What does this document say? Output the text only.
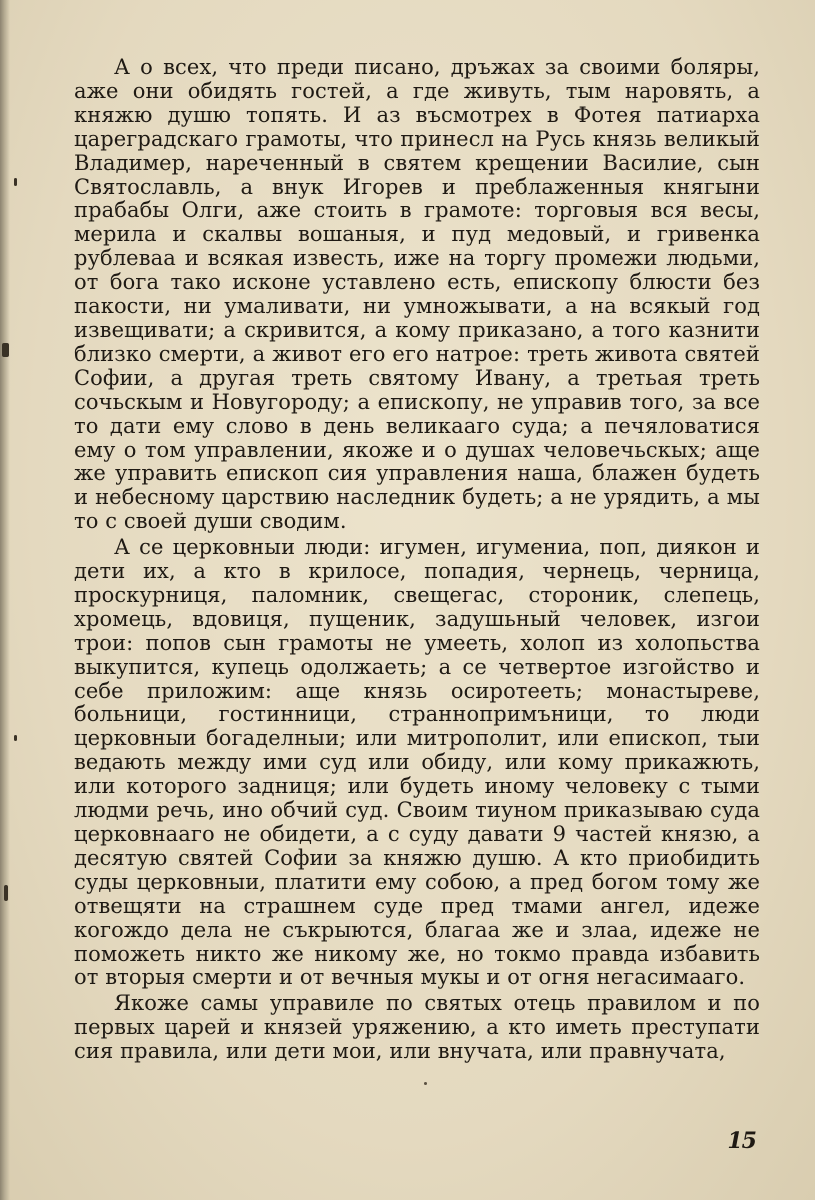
А о всех, что преди писано, дръжах за своими боляры, аже они обидять гостей, а где живуть, тым наровять, а княжю душю топять. И аз въсмотрех в Фотея патиарха цареградскаго грамоты, что принесл на Русь князь великый Владимер, нареченный в святем крещении Василие, сын Святославль, а внук Игорев и преблаженныя княгыни прабабы Олги, аже стоить в грамоте: торговыя вся весы, мерила и скалвы вошаныя, и пуд медовый, и гривенка рублеваа и всякая известь, иже на торгу промежи людьми, от бога тако исконе уставлено есть, епископу блюсти без пакости, ни умаливати, ни умножывати, а на всякый год извещивати; а скривится, а кому приказано, а того казнити близко смерти, а живот его его натрое: треть живота святей Софии, а другая треть святому Ивану, а третьая треть сочьскым и Новугороду; а епископу, не управив того, за все то дати ему слово в день великааго суда; а печяловатися ему о том управлении, якоже и о душах человечьскых; аще же управить епископ сия управления наша, блажен будеть и небесному царствию наследник будеть; а не урядить, а мы то с своей души сводим.

А се церковныи люди: игумен, игумениа, поп, диякон и дети их, а кто в крилосе, попадия, чернець, черница, проскурниця, паломник, свещегас, стороник, слепець, хромець, вдовиця, пущеник, задушьный человек, изгои трои: попов сын грамоты не умееть, холоп из холопьства выкупится, купець одолжаеть; а се четвертое изгойство и себе приложим: аще князь осиротееть; монастыреве, больници, гостинници, страннопримъници, то люди церковныи богаделныи; или митрополит, или епископ, тыи ведають между ими суд или обиду, или кому прикажють, или которого задниця; или будеть иному человеку с тыми людми речь, ино обчий суд. Своим тиуном приказываю суда церковнааго не обидети, а с суду давати 9 частей князю, а десятую святей Софии за княжю душю. А кто приобидить суды церковныи, платити ему собою, а пред богом тому же отвещяти на страшнем суде пред тмами ангел, идеже когождо дела не съкрыются, благаа же и злаа, идеже не поможеть никто же никому же, но токмо правда избавить от вторыя смерти и от вечныя мукы и от огня негасимааго.

Якоже самы управиле по святых отець правилом и по первых царей и князей уряжению, а кто иметь преступати сия правила, или дети мои, или внучата, или правнучата,

15
